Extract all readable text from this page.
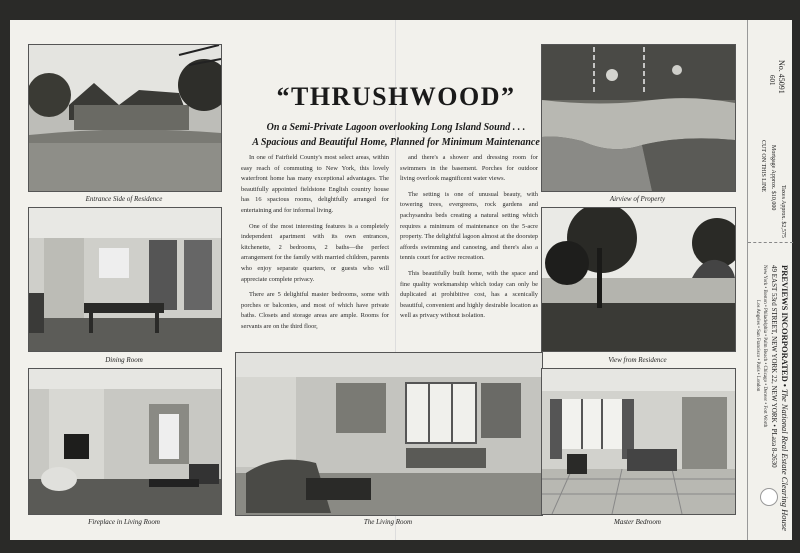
Entrance Side of Residence
Dining Room
Fireplace in Living Room
“THRUSHWOOD”
On a Semi-Private Lagoon overlooking Long Island Sound . . .
A Spacious and Beautiful Home, Planned for Minimum Maintenance

In one of Fairfield County's most select areas, within easy reach of commuting to New York, this lovely waterfront home has many exceptional advantages. The beautifully appointed fieldstone English country house has 16 spacious rooms, delightfully arranged for entertaining and for informal living.

One of the most interesting features is a completely independent apartment with its own entrances, kitchenette, 2 bedrooms, 2 baths—the perfect arrangement for the family with married children, parents who enjoy separate quarters, or guests who will appreciate complete privacy.

There are 5 delightful master bedrooms, some with porches or balconies, and most of which have private baths. Closets and storage areas are ample. Rooms for servants are on the third floor,

and there's a shower and dressing room for swimmers in the basement. Porches for outdoor living overlook magnificent water views.

The setting is one of unusual beauty, with towering trees, evergreens, rock gardens and pachysandra beds creating a natural setting which requires a minimum of maintenance on the 5-acre property. The delightful lagoon almost at the doorstep affords swimming and canoeing, and there's also a tennis court for active recreation.

This beautifully built home, with the space and fine quality workmanship which today can only be duplicated at prohibitive cost, has a scenically beautiful, convenient and highly desirable location as well as privacy without isolation.

The Living Room
Airview of Property
View from Residence
Master Bedroom
No. 45091
601
CUT ON THIS LINE Mortgage Approx. $10,000
Taxes Approx. $2,575
PREVIEWS INCORPORATED • The National Real Estate Clearing House
49 EAST 53rd STREET, NEW YORK 22, NEW YORK • PLaza 8-2630
New York • Boston • Philadelphia • Palm Beach • Chicago • Denver • Fort Worth
Los Angeles • San Francisco • Paris • London
